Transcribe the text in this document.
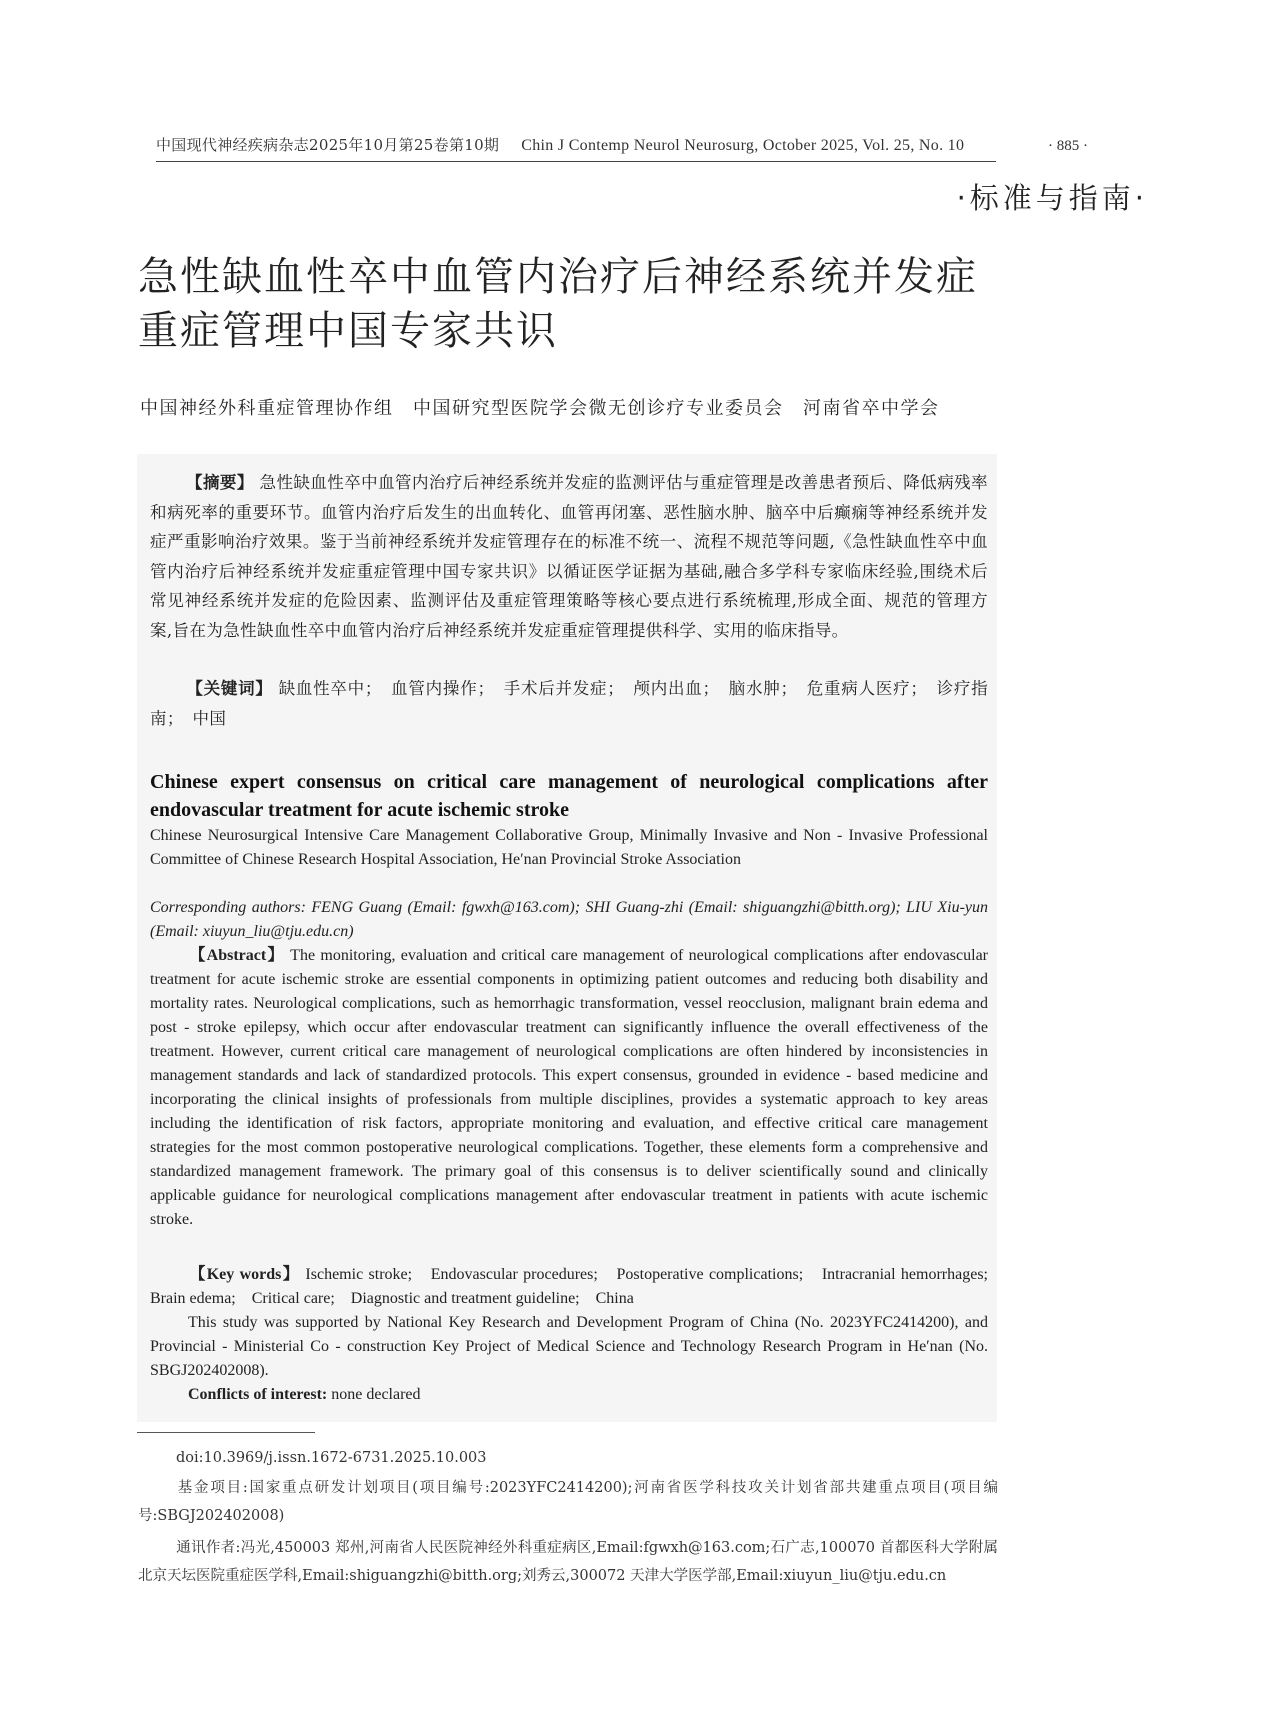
中国现代神经疾病杂志2025年10月第25卷第10期 Chin J Contemp Neurol Neurosurg, October 2025, Vol. 25, No. 10	· 885 ·
·标准与指南·
急性缺血性卒中血管内治疗后神经系统并发症
重症管理中国专家共识
中国神经外科重症管理协作组　中国研究型医院学会微无创诊疗专业委员会　河南省卒中学会
【摘要】 急性缺血性卒中血管内治疗后神经系统并发症的监测评估与重症管理是改善患者预后、降低病残率和病死率的重要环节。血管内治疗后发生的出血转化、血管再闭塞、恶性脑水肿、脑卒中后癫痫等神经系统并发症严重影响治疗效果。鉴于当前神经系统并发症管理存在的标准不统一、流程不规范等问题,《急性缺血性卒中血管内治疗后神经系统并发症重症管理中国专家共识》以循证医学证据为基础,融合多学科专家临床经验,围绕术后常见神经系统并发症的危险因素、监测评估及重症管理策略等核心要点进行系统梳理,形成全面、规范的管理方案,旨在为急性缺血性卒中血管内治疗后神经系统并发症重症管理提供科学、实用的临床指导。
【关键词】 缺血性卒中；　血管内操作；　手术后并发症；　颅内出血；　脑水肿；　危重病人医疗；　诊疗指南；　中国
Chinese expert consensus on critical care management of neurological complications after endovascular treatment for acute ischemic stroke
Chinese Neurosurgical Intensive Care Management Collaborative Group, Minimally Invasive and Non - Invasive Professional Committee of Chinese Research Hospital Association, He′nan Provincial Stroke Association
Corresponding authors: FENG Guang (Email: fgwxh@163.com); SHI Guang-zhi (Email: shiguangzhi@bitth.org); LIU Xiu-yun (Email: xiuyun_liu@tju.edu.cn)
【Abstract】 The monitoring, evaluation and critical care management of neurological complications after endovascular treatment for acute ischemic stroke are essential components in optimizing patient outcomes and reducing both disability and mortality rates. Neurological complications, such as hemorrhagic transformation, vessel reocclusion, malignant brain edema and post - stroke epilepsy, which occur after endovascular treatment can significantly influence the overall effectiveness of the treatment. However, current critical care management of neurological complications are often hindered by inconsistencies in management standards and lack of standardized protocols. This expert consensus, grounded in evidence - based medicine and incorporating the clinical insights of professionals from multiple disciplines, provides a systematic approach to key areas including the identification of risk factors, appropriate monitoring and evaluation, and effective critical care management strategies for the most common postoperative neurological complications. Together, these elements form a comprehensive and standardized management framework. The primary goal of this consensus is to deliver scientifically sound and clinically applicable guidance for neurological complications management after endovascular treatment in patients with acute ischemic stroke.
【Key words】 Ischemic stroke;　Endovascular procedures;　Postoperative complications;　Intracranial hemorrhages;　Brain edema;　Critical care;　Diagnostic and treatment guideline;　China
This study was supported by National Key Research and Development Program of China (No. 2023YFC2414200), and Provincial - Ministerial Co - construction Key Project of Medical Science and Technology Research Program in He′nan (No. SBGJ202402008).
Conflicts of interest: none declared
doi:10.3969/j.issn.1672-6731.2025.10.003
基金项目:国家重点研发计划项目(项目编号:2023YFC2414200);河南省医学科技攻关计划省部共建重点项目(项目编号:SBGJ202402008)
通讯作者:冯光,450003 郑州,河南省人民医院神经外科重症病区,Email:fgwxh@163.com;石广志,100070 首都医科大学附属北京天坛医院重症医学科,Email:shiguangzhi@bitth.org;刘秀云,300072 天津大学医学部,Email:xiuyun_liu@tju.edu.cn
